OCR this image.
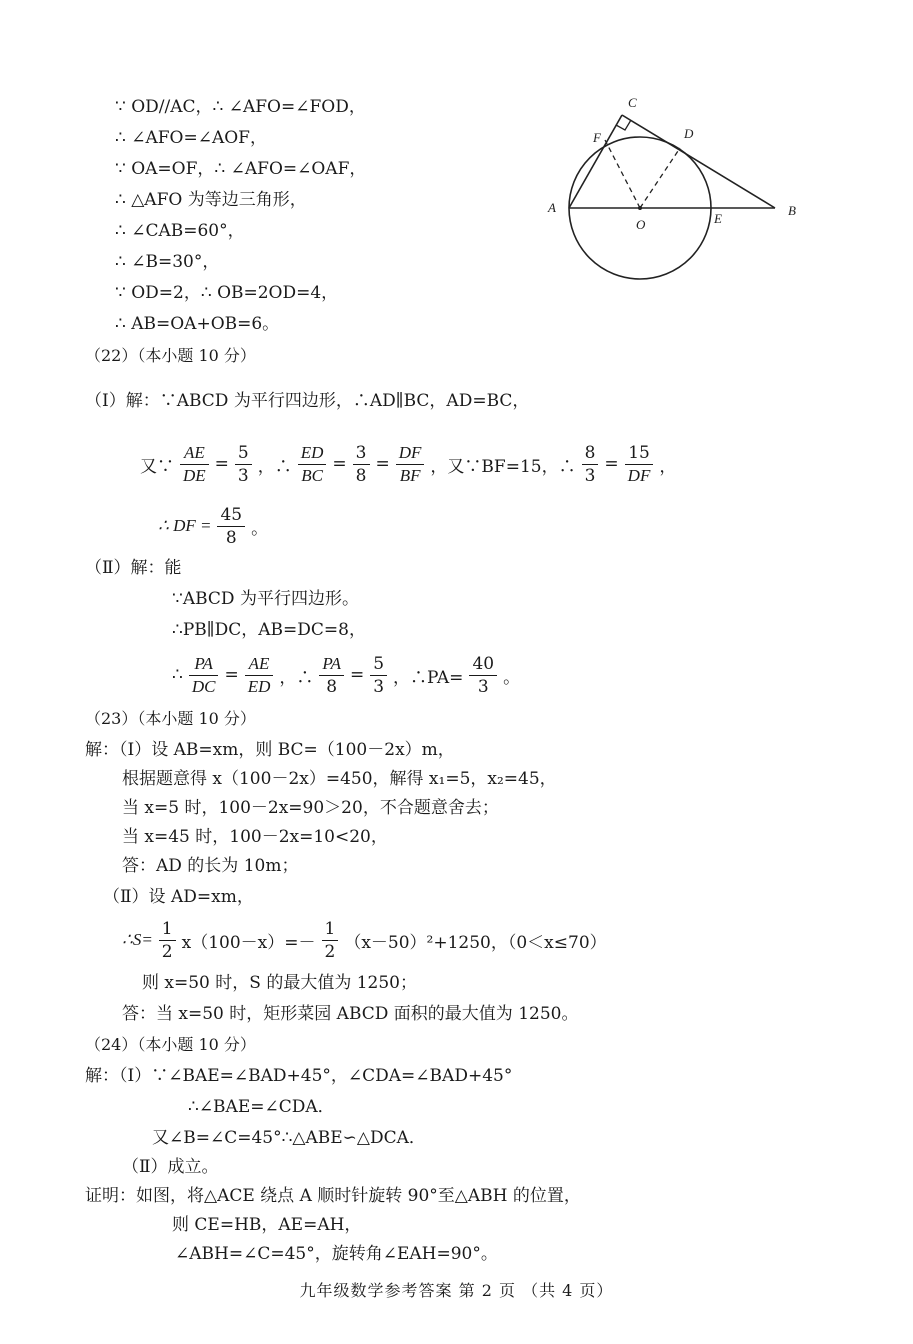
∵ OD//AC，∴ ∠AFO=∠FOD，
∴ ∠AFO=∠AOF，
∵ OA=OF，∴ ∠AFO=∠OAF，
∴ △AFO 为等边三角形，
∴ ∠CAB=60°，
∴ ∠B=30°，
∵ OD=2，∴ OB=2OD=4，
∴ AB=OA+OB=6。
C
F	D
A
O	E
B
（22）（本小题 10 分）
（Ⅰ）解：∵ABCD 为平行四边形，∴AD∥BC，AD=BC，
又∵ $\frac{AE}{DE} = \frac{5}{3}$ ，∴ $\frac{ED}{BC} = \frac{3}{8} = \frac{DF}{BF}$ ，又∵BF=15，∴ $\frac{8}{3} = \frac{15}{DF}$ ，
∴ DF = $\frac{45}{8}$ 。
（Ⅱ）解：能
∵ABCD 为平行四边形。
∴PB∥DC，AB=DC=8，
∴ $\frac{PA}{DC} = \frac{AE}{ED}$ ，∴ $\frac{PA}{8} = \frac{5}{3}$ ，∴PA= $\frac{40}{3}$ 。
（23）（本小题 10 分）
解：（Ⅰ）设 AB=xm，则 BC=（100－2x）m，
根据题意得 x（100－2x）=450，解得 x₁=5，x₂=45，
当 x=5 时，100－2x=90＞20，不合题意舍去；
当 x=45 时，100－2x=10<20，
答：AD 的长为 10m；
（Ⅱ）设 AD=xm，
∴S= $\frac{1}{2} x(100-x)=- \frac{1}{2} (x-50)^2+1250$，（0＜x≤70）
则 x=50 时，S 的最大值为 1250；
答：当 x=50 时，矩形菜园 ABCD 面积的最大值为 1250。
（24）（本小题 10 分）
解：（Ⅰ）∵∠BAE=∠BAD+45°，∠CDA=∠BAD+45°
∴∠BAE=∠CDA．
又∠B=∠C=45°∴△ABE∽△DCA．
（Ⅱ）成立。
证明：如图，将△ACE 绕点 A 顺时针旋转 90°至△ABH 的位置，
则 CE=HB，AE=AH，
∠ABH=∠C=45°，旋转角∠EAH=90°。
九年级数学参考答案 第 2 页 （共 4 页）
